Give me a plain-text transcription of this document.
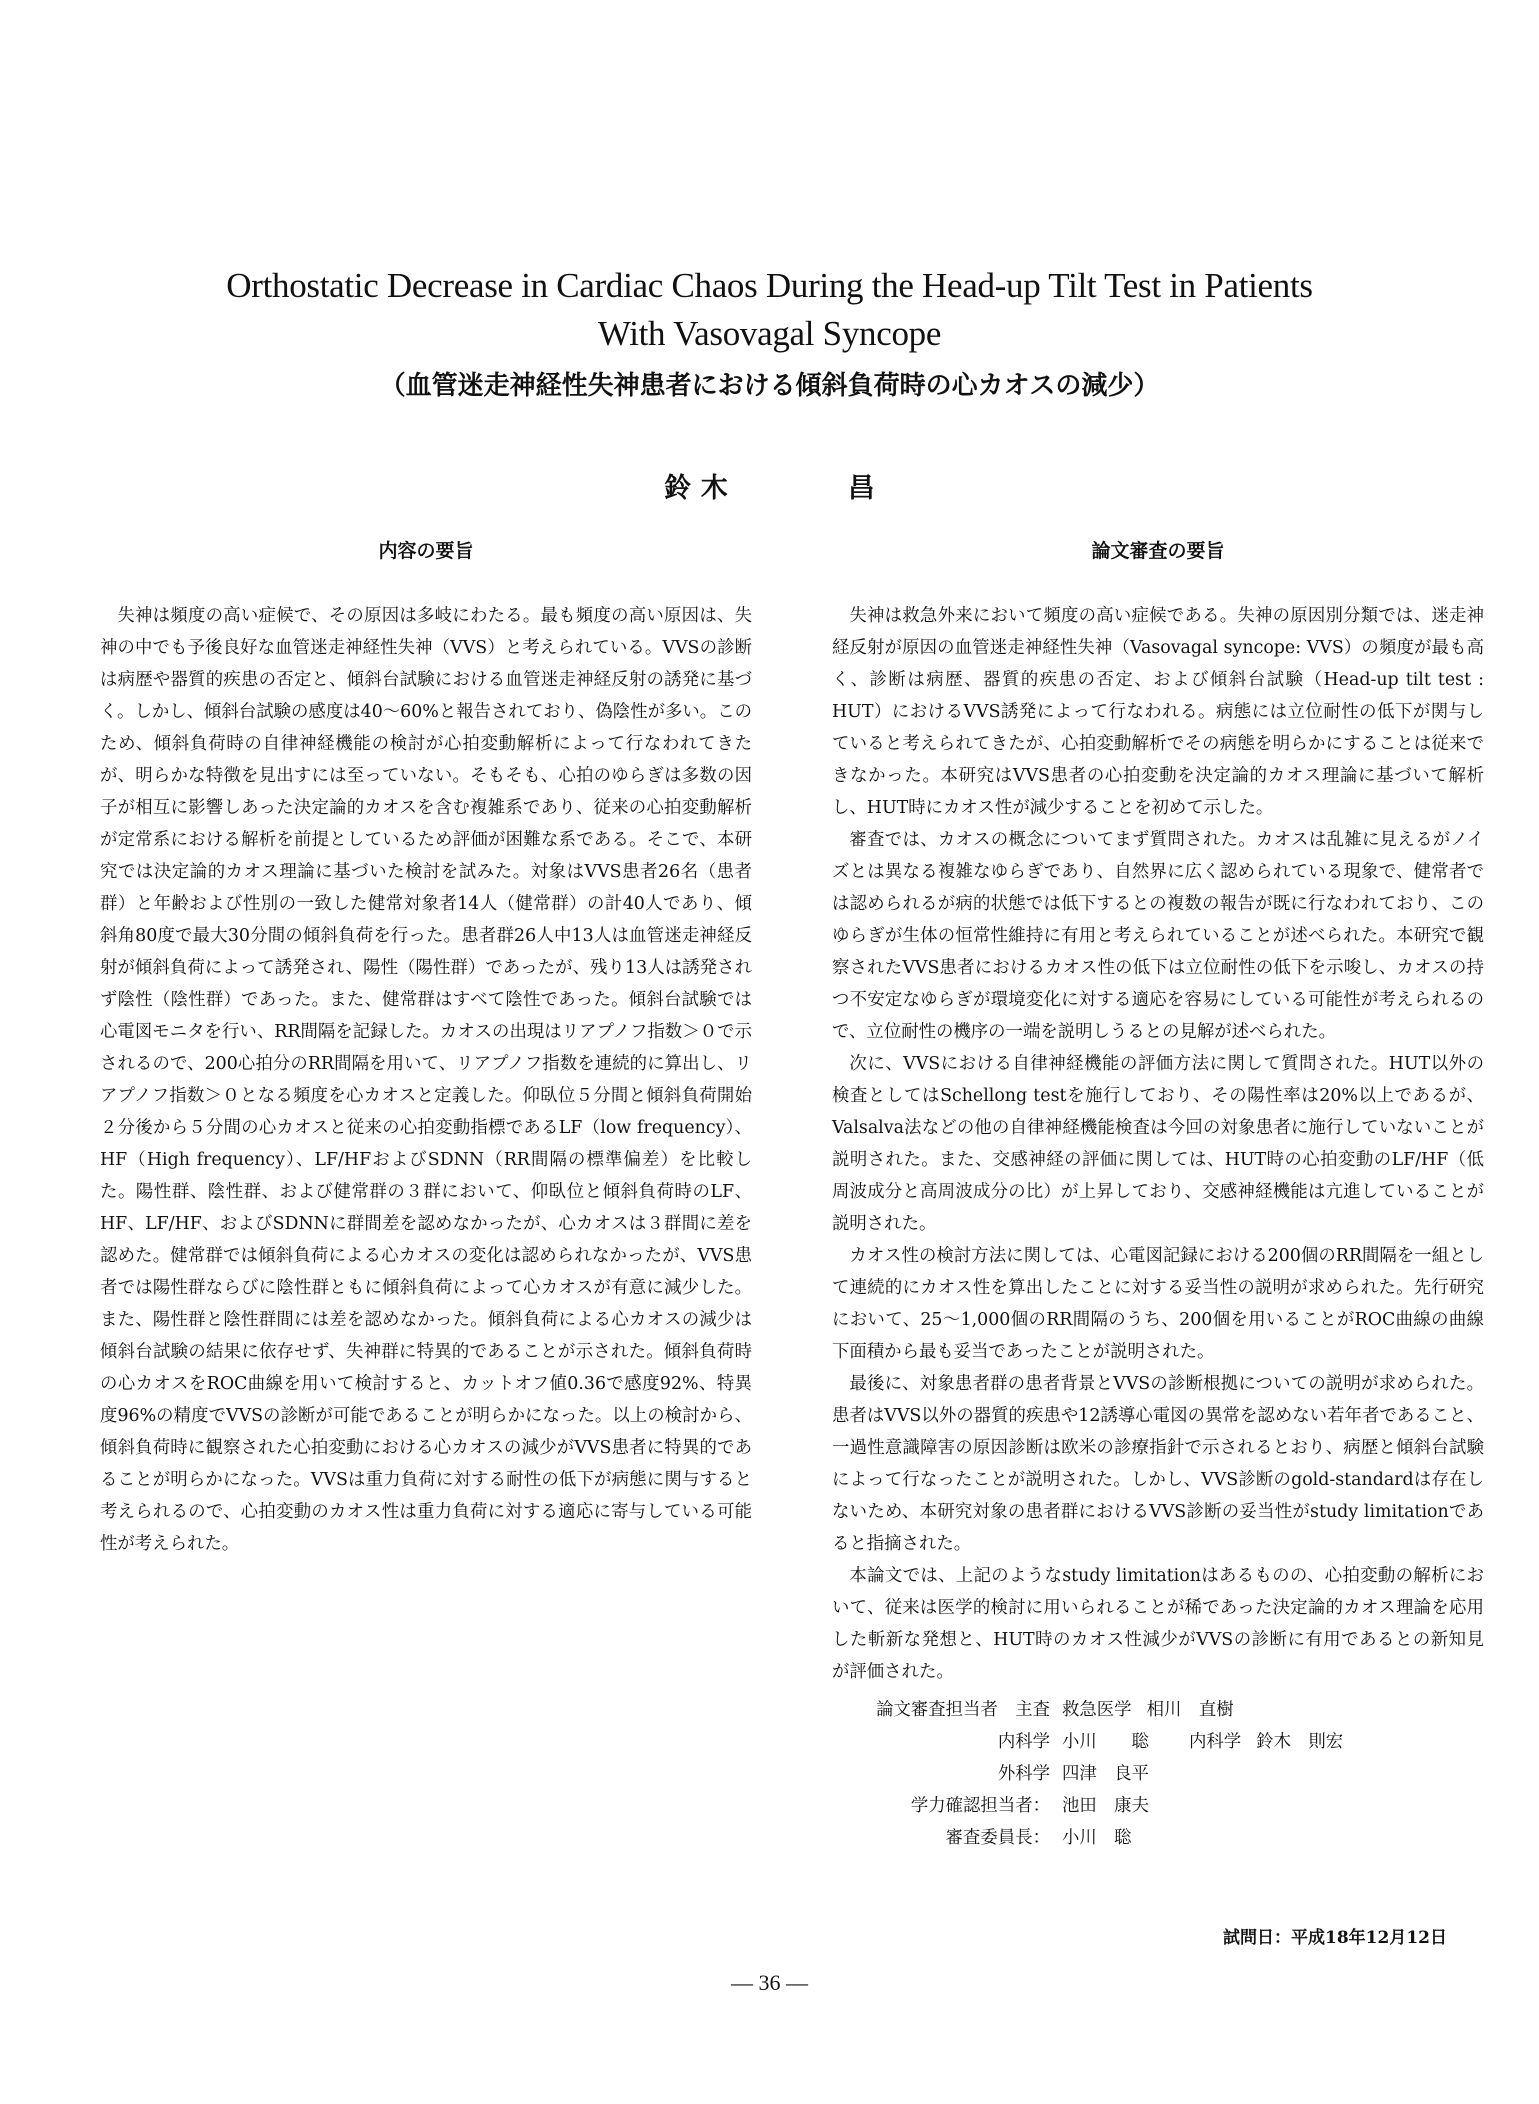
Orthostatic Decrease in Cardiac Chaos During the Head-up Tilt Test in Patients
With Vasovagal Syncope
（血管迷走神経性失神患者における傾斜負荷時の心カオスの減少）
鈴 木	昌
内容の要旨

失神は頻度の高い症候で、その原因は多岐にわたる。最も頻度の高い原因は、失神の中でも予後良好な血管迷走神経性失神（VVS）と考えられている。VVSの診断は病歴や器質的疾患の否定と、傾斜台試験における血管迷走神経反射の誘発に基づく。しかし、傾斜台試験の感度は40〜60%と報告されており、偽陰性が多い。このため、傾斜負荷時の自律神経機能の検討が心拍変動解析によって行なわれてきたが、明らかな特徴を見出すには至っていない。そもそも、心拍のゆらぎは多数の因子が相互に影響しあった決定論的カオスを含む複雑系であり、従来の心拍変動解析が定常系における解析を前提としているため評価が困難な系である。そこで、本研究では決定論的カオス理論に基づいた検討を試みた。対象はVVS患者26名（患者群）と年齢および性別の一致した健常対象者14人（健常群）の計40人であり、傾斜角80度で最大30分間の傾斜負荷を行った。患者群26人中13人は血管迷走神経反射が傾斜負荷によって誘発され、陽性（陽性群）であったが、残り13人は誘発されず陰性（陰性群）であった。また、健常群はすべて陰性であった。傾斜台試験では心電図モニタを行い、RR間隔を記録した。カオスの出現はリアプノフ指数＞０で示されるので、200心拍分のRR間隔を用いて、リアプノフ指数を連続的に算出し、リアプノフ指数＞０となる頻度を心カオスと定義した。仰臥位５分間と傾斜負荷開始２分後から５分間の心カオスと従来の心拍変動指標であるLF（low frequency）、HF（High frequency）、LF/HFおよびSDNN（RR間隔の標準偏差）を比較した。陽性群、陰性群、および健常群の３群において、仰臥位と傾斜負荷時のLF、HF、LF/HF、およびSDNNに群間差を認めなかったが、心カオスは３群間に差を認めた。健常群では傾斜負荷による心カオスの変化は認められなかったが、VVS患者では陽性群ならびに陰性群ともに傾斜負荷によって心カオスが有意に減少した。また、陽性群と陰性群間には差を認めなかった。傾斜負荷による心カオスの減少は傾斜台試験の結果に依存せず、失神群に特異的であることが示された。傾斜負荷時の心カオスをROC曲線を用いて検討すると、カットオフ値0.36で感度92%、特異度96%の精度でVVSの診断が可能であることが明らかになった。以上の検討から、傾斜負荷時に観察された心拍変動における心カオスの減少がVVS患者に特異的であることが明らかになった。VVSは重力負荷に対する耐性の低下が病態に関与すると考えられるので、心拍変動のカオス性は重力負荷に対する適応に寄与している可能性が考えられた。

論文審査の要旨

失神は救急外来において頻度の高い症候である。失神の原因別分類では、迷走神経反射が原因の血管迷走神経性失神（Vasovagal syncope: VVS）の頻度が最も高く、診断は病歴、器質的疾患の否定、および傾斜台試験（Head-up tilt test : HUT）におけるVVS誘発によって行なわれる。病態には立位耐性の低下が関与していると考えられてきたが、心拍変動解析でその病態を明らかにすることは従来できなかった。本研究はVVS患者の心拍変動を決定論的カオス理論に基づいて解析し、HUT時にカオス性が減少することを初めて示した。

審査では、カオスの概念についてまず質問された。カオスは乱雑に見えるがノイズとは異なる複雑なゆらぎであり、自然界に広く認められている現象で、健常者では認められるが病的状態では低下するとの複数の報告が既に行なわれており、このゆらぎが生体の恒常性維持に有用と考えられていることが述べられた。本研究で観察されたVVS患者におけるカオス性の低下は立位耐性の低下を示唆し、カオスの持つ不安定なゆらぎが環境変化に対する適応を容易にしている可能性が考えられるので、立位耐性の機序の一端を説明しうるとの見解が述べられた。

次に、VVSにおける自律神経機能の評価方法に関して質問された。HUT以外の検査としてはSchellong testを施行しており、その陽性率は20%以上であるが、Valsalva法などの他の自律神経機能検査は今回の対象患者に施行していないことが説明された。また、交感神経の評価に関しては、HUT時の心拍変動のLF/HF（低周波成分と高周波成分の比）が上昇しており、交感神経機能は亢進していることが説明された。

カオス性の検討方法に関しては、心電図記録における200個のRR間隔を一組として連続的にカオス性を算出したことに対する妥当性の説明が求められた。先行研究において、25〜1,000個のRR間隔のうち、200個を用いることがROC曲線の曲線下面積から最も妥当であったことが説明された。

最後に、対象患者群の患者背景とVVSの診断根拠についての説明が求められた。患者はVVS以外の器質的疾患や12誘導心電図の異常を認めない若年者であること、一過性意識障害の原因診断は欧米の診療指針で示されるとおり、病歴と傾斜台試験によって行なったことが説明された。しかし、VVS診断のgold-standardは存在しないため、本研究対象の患者群におけるVVS診断の妥当性がstudy limitationであると指摘された。

本論文では、上記のようなstudy limitationはあるものの、心拍変動の解析において、従来は医学的検討に用いられることが稀であった決定論的カオス理論を応用した斬新な発想と、HUT時のカオス性減少がVVSの診断に有用であるとの新知見が評価された。

論文審査担当者　主査 救急医学
相川　直樹
内科学 小川　　聡 内科学
鈴木　則宏
外科学 四津　良平
学力確認担当者： 池田　康夫
審査委員長： 小川　聡
試問日：平成18年12月12日
— 36 —
